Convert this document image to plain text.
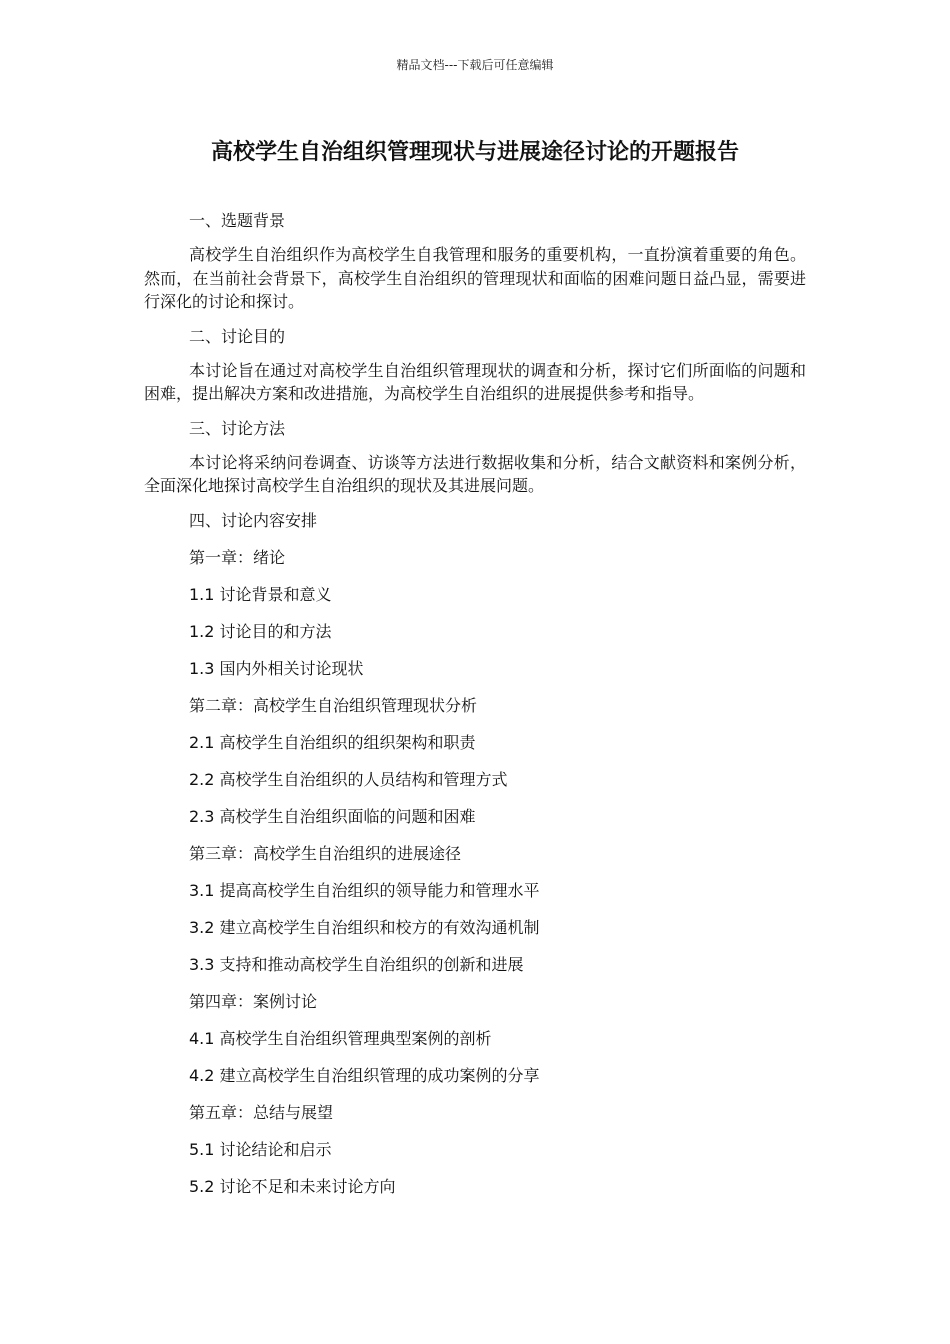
精品文档---下载后可任意编辑
高校学生自治组织管理现状与进展途径讨论的开题报告
一、选题背景
高校学生自治组织作为高校学生自我管理和服务的重要机构，一直扮演着重要的角色。然而，在当前社会背景下，高校学生自治组织的管理现状和面临的困难问题日益凸显，需要进行深化的讨论和探讨。
二、讨论目的
本讨论旨在通过对高校学生自治组织管理现状的调查和分析，探讨它们所面临的问题和困难，提出解决方案和改进措施，为高校学生自治组织的进展提供参考和指导。
三、讨论方法
本讨论将采纳问卷调查、访谈等方法进行数据收集和分析，结合文献资料和案例分析，全面深化地探讨高校学生自治组织的现状及其进展问题。
四、讨论内容安排
第一章：绪论
1.1 讨论背景和意义
1.2 讨论目的和方法
1.3 国内外相关讨论现状
第二章：高校学生自治组织管理现状分析
2.1 高校学生自治组织的组织架构和职责
2.2 高校学生自治组织的人员结构和管理方式
2.3 高校学生自治组织面临的问题和困难
第三章：高校学生自治组织的进展途径
3.1 提高高校学生自治组织的领导能力和管理水平
3.2 建立高校学生自治组织和校方的有效沟通机制
3.3 支持和推动高校学生自治组织的创新和进展
第四章：案例讨论
4.1 高校学生自治组织管理典型案例的剖析
4.2 建立高校学生自治组织管理的成功案例的分享
第五章：总结与展望
5.1 讨论结论和启示
5.2 讨论不足和未来讨论方向
